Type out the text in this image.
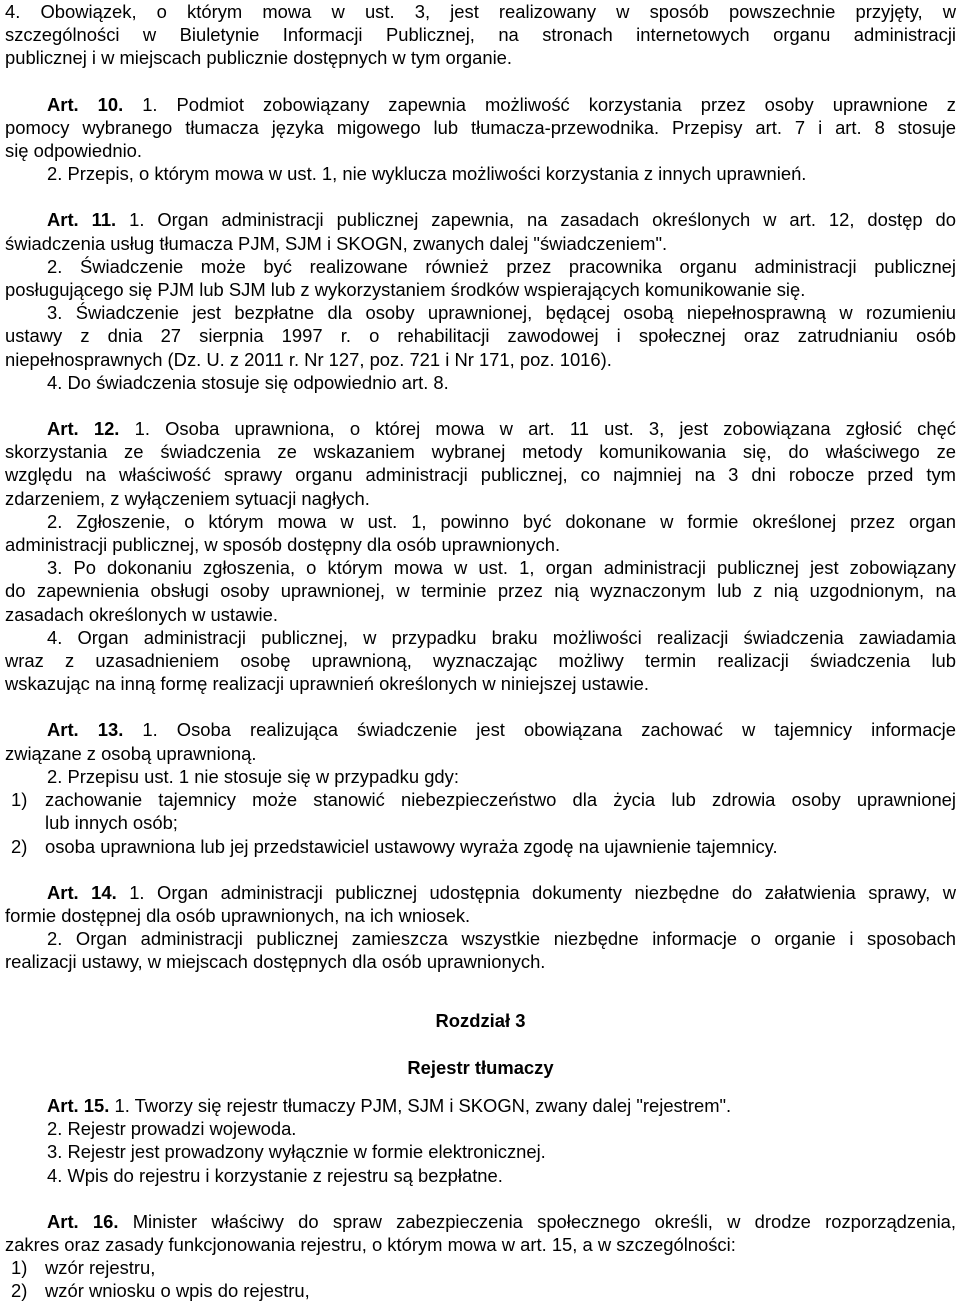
4. Obowiązek, o którym mowa w ust. 3, jest realizowany w sposób powszechnie przyjęty, w

szczególności w Biuletynie Informacji Publicznej, na stronach internetowych organu administracji

publicznej i w miejscach publicznie dostępnych w tym organie.

Art. 10. 1. Podmiot zobowiązany zapewnia możliwość korzystania przez osoby uprawnione z

pomocy wybranego tłumacza języka migowego lub tłumacza-przewodnika. Przepisy art. 7 i art. 8 stosuje

się odpowiednio.

2. Przepis, o którym mowa w ust. 1, nie wyklucza możliwości korzystania z innych uprawnień.

Art. 11. 1. Organ administracji publicznej zapewnia, na zasadach określonych w art. 12, dostęp do

świadczenia usług tłumacza PJM, SJM i SKOGN, zwanych dalej "świadczeniem".

2. Świadczenie może być realizowane również przez pracownika organu administracji publicznej

posługującego się PJM lub SJM lub z wykorzystaniem środków wspierających komunikowanie się.

3. Świadczenie jest bezpłatne dla osoby uprawnionej, będącej osobą niepełnosprawną w rozumieniu

ustawy z dnia 27 sierpnia 1997 r. o rehabilitacji zawodowej i społecznej oraz zatrudnianiu osób

niepełnosprawnych (Dz. U. z 2011 r. Nr 127, poz. 721 i Nr 171, poz. 1016).

4. Do świadczenia stosuje się odpowiednio art. 8.

Art. 12. 1. Osoba uprawniona, o której mowa w art. 11 ust. 3, jest zobowiązana zgłosić chęć

skorzystania ze świadczenia ze wskazaniem wybranej metody komunikowania się, do właściwego ze

względu na właściwość sprawy organu administracji publicznej, co najmniej na 3 dni robocze przed tym

zdarzeniem, z wyłączeniem sytuacji nagłych.

2. Zgłoszenie, o którym mowa w ust. 1, powinno być dokonane w formie określonej przez organ

administracji publicznej, w sposób dostępny dla osób uprawnionych.

3. Po dokonaniu zgłoszenia, o którym mowa w ust. 1, organ administracji publicznej jest zobowiązany

do zapewnienia obsługi osoby uprawnionej, w terminie przez nią wyznaczonym lub z nią uzgodnionym, na

zasadach określonych w ustawie.

4. Organ administracji publicznej, w przypadku braku możliwości realizacji świadczenia zawiadamia

wraz z uzasadnieniem osobę uprawnioną, wyznaczając możliwy termin realizacji świadczenia lub

wskazując na inną formę realizacji uprawnień określonych w niniejszej ustawie.

Art. 13. 1. Osoba realizująca świadczenie jest obowiązana zachować w tajemnicy informacje

związane z osobą uprawnioną.

2. Przepisu ust. 1 nie stosuje się w przypadku gdy:

1) zachowanie tajemnicy może stanowić niebezpieczeństwo dla życia lub zdrowia osoby uprawnionej

lub innych osób;

2) osoba uprawniona lub jej przedstawiciel ustawowy wyraża zgodę na ujawnienie tajemnicy.

Art. 14. 1. Organ administracji publicznej udostępnia dokumenty niezbędne do załatwienia sprawy, w

formie dostępnej dla osób uprawnionych, na ich wniosek.

2. Organ administracji publicznej zamieszcza wszystkie niezbędne informacje o organie i sposobach

realizacji ustawy, w miejscach dostępnych dla osób uprawnionych.

Rozdział 3

Rejestr tłumaczy

Art. 15. 1. Tworzy się rejestr tłumaczy PJM, SJM i SKOGN, zwany dalej "rejestrem".

2. Rejestr prowadzi wojewoda.

3. Rejestr jest prowadzony wyłącznie w formie elektronicznej.

4. Wpis do rejestru i korzystanie z rejestru są bezpłatne.

Art. 16. Minister właściwy do spraw zabezpieczenia społecznego określi, w drodze rozporządzenia,

zakres oraz zasady funkcjonowania rejestru, o którym mowa w art. 15, a w szczególności:

1) wzór rejestru,

2) wzór wniosku o wpis do rejestru,
